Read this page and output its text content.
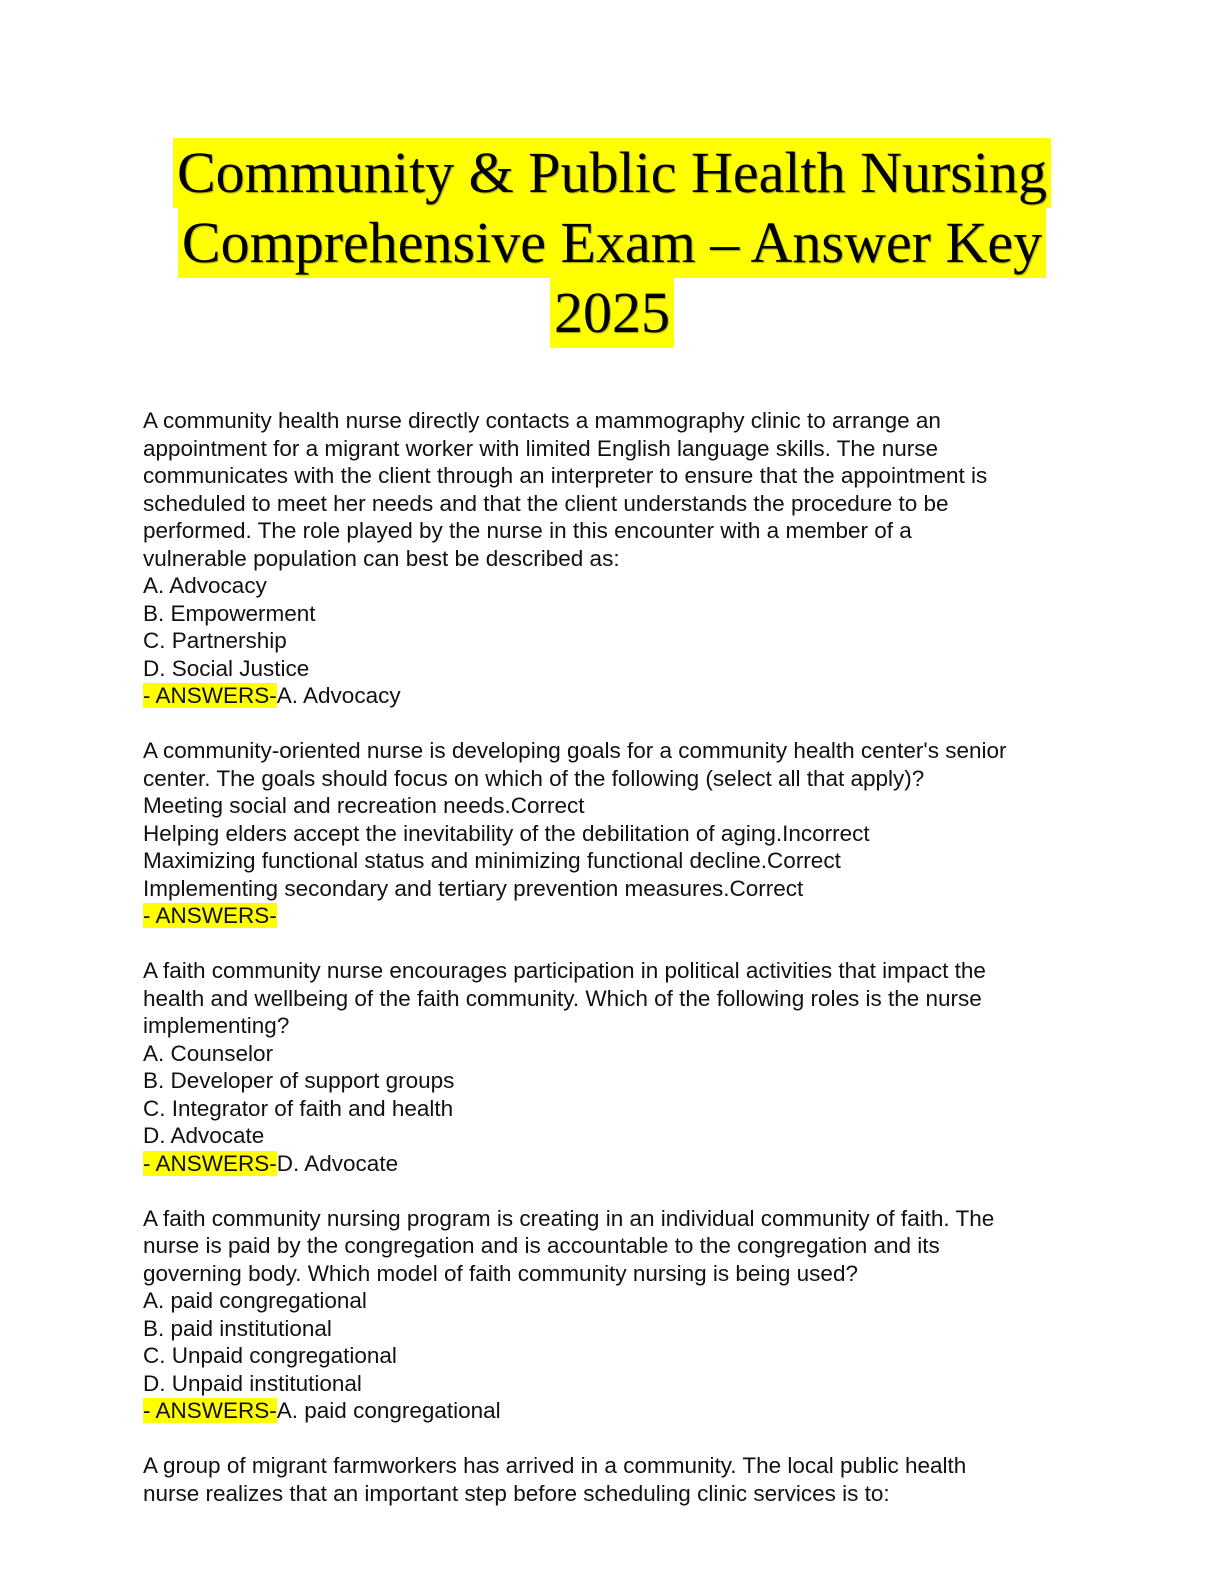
Community & Public Health Nursing
Comprehensive Exam – Answer Key
2025
A community health nurse directly contacts a mammography clinic to arrange an
appointment for a migrant worker with limited English language skills. The nurse
communicates with the client through an interpreter to ensure that the appointment is
scheduled to meet her needs and that the client understands the procedure to be
performed. The role played by the nurse in this encounter with a member of a
vulnerable population can best be described as:
A. Advocacy
B. Empowerment
C. Partnership
D. Social Justice
- ANSWERS-A. Advocacy
A community-oriented nurse is developing goals for a community health center's senior
center. The goals should focus on which of the following (select all that apply)?
Meeting social and recreation needs.Correct
Helping elders accept the inevitability of the debilitation of aging.Incorrect
Maximizing functional status and minimizing functional decline.Correct
Implementing secondary and tertiary prevention measures.Correct
- ANSWERS-
A faith community nurse encourages participation in political activities that impact the
health and wellbeing of the faith community. Which of the following roles is the nurse
implementing?
A. Counselor
B. Developer of support groups
C. Integrator of faith and health
D. Advocate
- ANSWERS-D. Advocate
A faith community nursing program is creating in an individual community of faith. The
nurse is paid by the congregation and is accountable to the congregation and its
governing body. Which model of faith community nursing is being used?
A. paid congregational
B. paid institutional
C. Unpaid congregational
D. Unpaid institutional
- ANSWERS-A. paid congregational
A group of migrant farmworkers has arrived in a community. The local public health
nurse realizes that an important step before scheduling clinic services is to:
